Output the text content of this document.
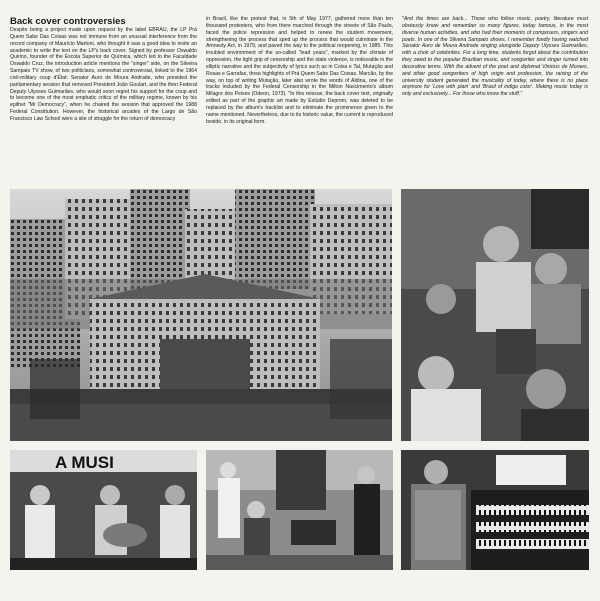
Back cover controversies

Despite being a project made upon request by the label EBRAU, the LP Prá Quem Sabe Das Coisas was not immune from an unusual interference from the record company of Maurício Martoni, who thought it was a good idea to invite an academic to write the text on the LP's back cover. Signed by professor Oswaldo Quirino, founder of the Escola Superior de Química, which led to the Faculdade Oswaldo Cruz, the introduction article mentions the "singer" side, on the Silveira Sampaio TV show, of two politicians, somewhat controversial, linked to the 1964 civil-military coup d'État: Senator Auro de Moura Andrade, who presided the parliamentary session that removed President João Goulart, and the then Federal Deputy Ulysses Guimarães, who would soon regret his support for the coup and to become one of the most emphatic critics of the military regime, known by his epithet "Mr Democracy", when he chaired the session that approved the 1988 Federal Constitution. However, the historical arcades of the Largo de São Francisco Law School were a site of struggle for the return of democracy

in Brazil, like the protest that, in 5th of May 1977, gathered more than ten thousand protesters, who from there marched through the streets of São Paulo, faced the police repression and helped to renew the student movement, strengthening the process that sped up the process that would culminate in the Amnesty Act, in 1979, and paved the way to the political reopening, in 1985. This troubled environment of the so-called "lead years", marked by the climate of oppression, the tight grip of censorship and the state violence, is noticeable in the elliptic narrative and the subjectivity of lyrics such as in Coisa e Tal, Mutação and Rosas e Garrafas, three highlights of Prá Quem Sabe Das Coisas. Marcão, by the way, on top of writing Mutação, later also wrote the words of Aldina, one of the tracks included by the Federal Censorship in the Milton Nascimento's album Milagre dos Peixes (Odeon, 1973). "In this reissue, the back cover text, originally edited as part of the graphic art made by Estúdio Deprom, was deleted to be replaced by the album's tracklist and to eliminate the prominence given to the name mentioned. Nevertheless, due to its historic value, the current is reproduced beside, in its original form.

"And the times are back... Those who follow music, poetry, literature must obviously know and remember so many figures, today famous, in the most diverse human activities, and who had their moments of composers, singers and poets. In one of the Silveira Sampaio shows, I remember fondly having watched Senator Auro de Moura Andrade singing alongside Deputy Ulysses Guimarães, with a choir of celebrities. For a long time, students forgot about the contribution they owed to the popular Brazilian music, and songwriter and singer turned into decorative terms. With the advent of the poet and diplomat Vinicius de Moraes, and other good songwriters of high origin and profession, the raising of the university student generated the musicality of today, where there is no place anymore for 'Love with plain' and 'Brasil of indigo color'. Making music today is only and exclusively... For those who know the stuff."

A MUSI
